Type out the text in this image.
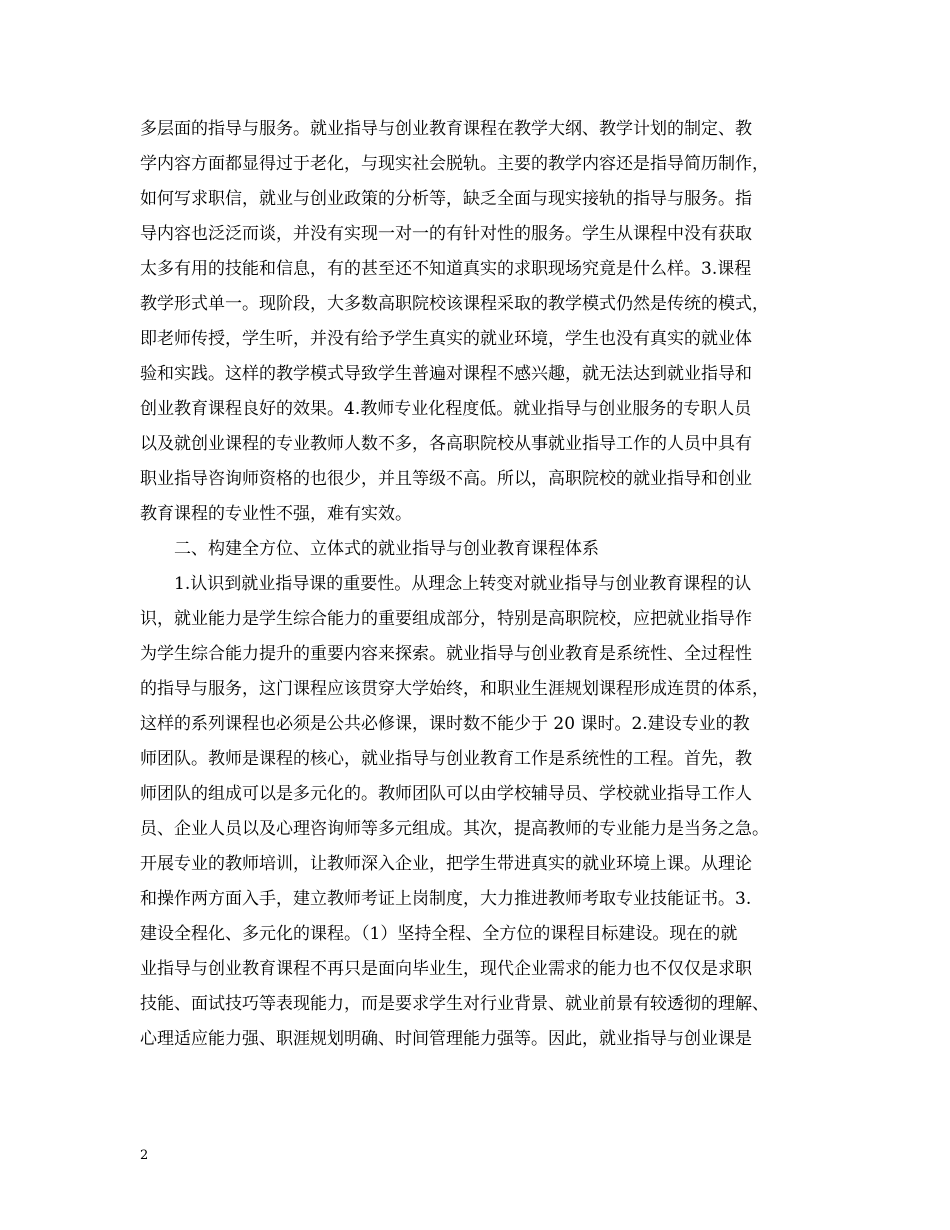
多层面的指导与服务。就业指导与创业教育课程在教学大纲、教学计划的制定、教
学内容方面都显得过于老化，与现实社会脱轨。主要的教学内容还是指导简历制作，
如何写求职信，就业与创业政策的分析等，缺乏全面与现实接轨的指导与服务。指
导内容也泛泛而谈，并没有实现一对一的有针对性的服务。学生从课程中没有获取
太多有用的技能和信息，有的甚至还不知道真实的求职现场究竟是什么样。3.课程
教学形式单一。现阶段，大多数高职院校该课程采取的教学模式仍然是传统的模式，
即老师传授，学生听，并没有给予学生真实的就业环境，学生也没有真实的就业体
验和实践。这样的教学模式导致学生普遍对课程不感兴趣，就无法达到就业指导和
创业教育课程良好的效果。4.教师专业化程度低。就业指导与创业服务的专职人员
以及就创业课程的专业教师人数不多，各高职院校从事就业指导工作的人员中具有
职业指导咨询师资格的也很少，并且等级不高。所以，高职院校的就业指导和创业
教育课程的专业性不强，难有实效。
　　二、构建全方位、立体式的就业指导与创业教育课程体系
　　1.认识到就业指导课的重要性。从理念上转变对就业指导与创业教育课程的认
识，就业能力是学生综合能力的重要组成部分，特别是高职院校，应把就业指导作
为学生综合能力提升的重要内容来探索。就业指导与创业教育是系统性、全过程性
的指导与服务，这门课程应该贯穿大学始终，和职业生涯规划课程形成连贯的体系，
这样的系列课程也必须是公共必修课，课时数不能少于 20 课时。2.建设专业的教
师团队。教师是课程的核心，就业指导与创业教育工作是系统性的工程。首先，教
师团队的组成可以是多元化的。教师团队可以由学校辅导员、学校就业指导工作人
员、企业人员以及心理咨询师等多元组成。其次，提高教师的专业能力是当务之急。
开展专业的教师培训，让教师深入企业，把学生带进真实的就业环境上课。从理论
和操作两方面入手，建立教师考证上岗制度，大力推进教师考取专业技能证书。3.
建设全程化、多元化的课程。（1）坚持全程、全方位的课程目标建设。现在的就
业指导与创业教育课程不再只是面向毕业生，现代企业需求的能力也不仅仅是求职
技能、面试技巧等表现能力，而是要求学生对行业背景、就业前景有较透彻的理解、
心理适应能力强、职涯规划明确、时间管理能力强等。因此，就业指导与创业课是
2
